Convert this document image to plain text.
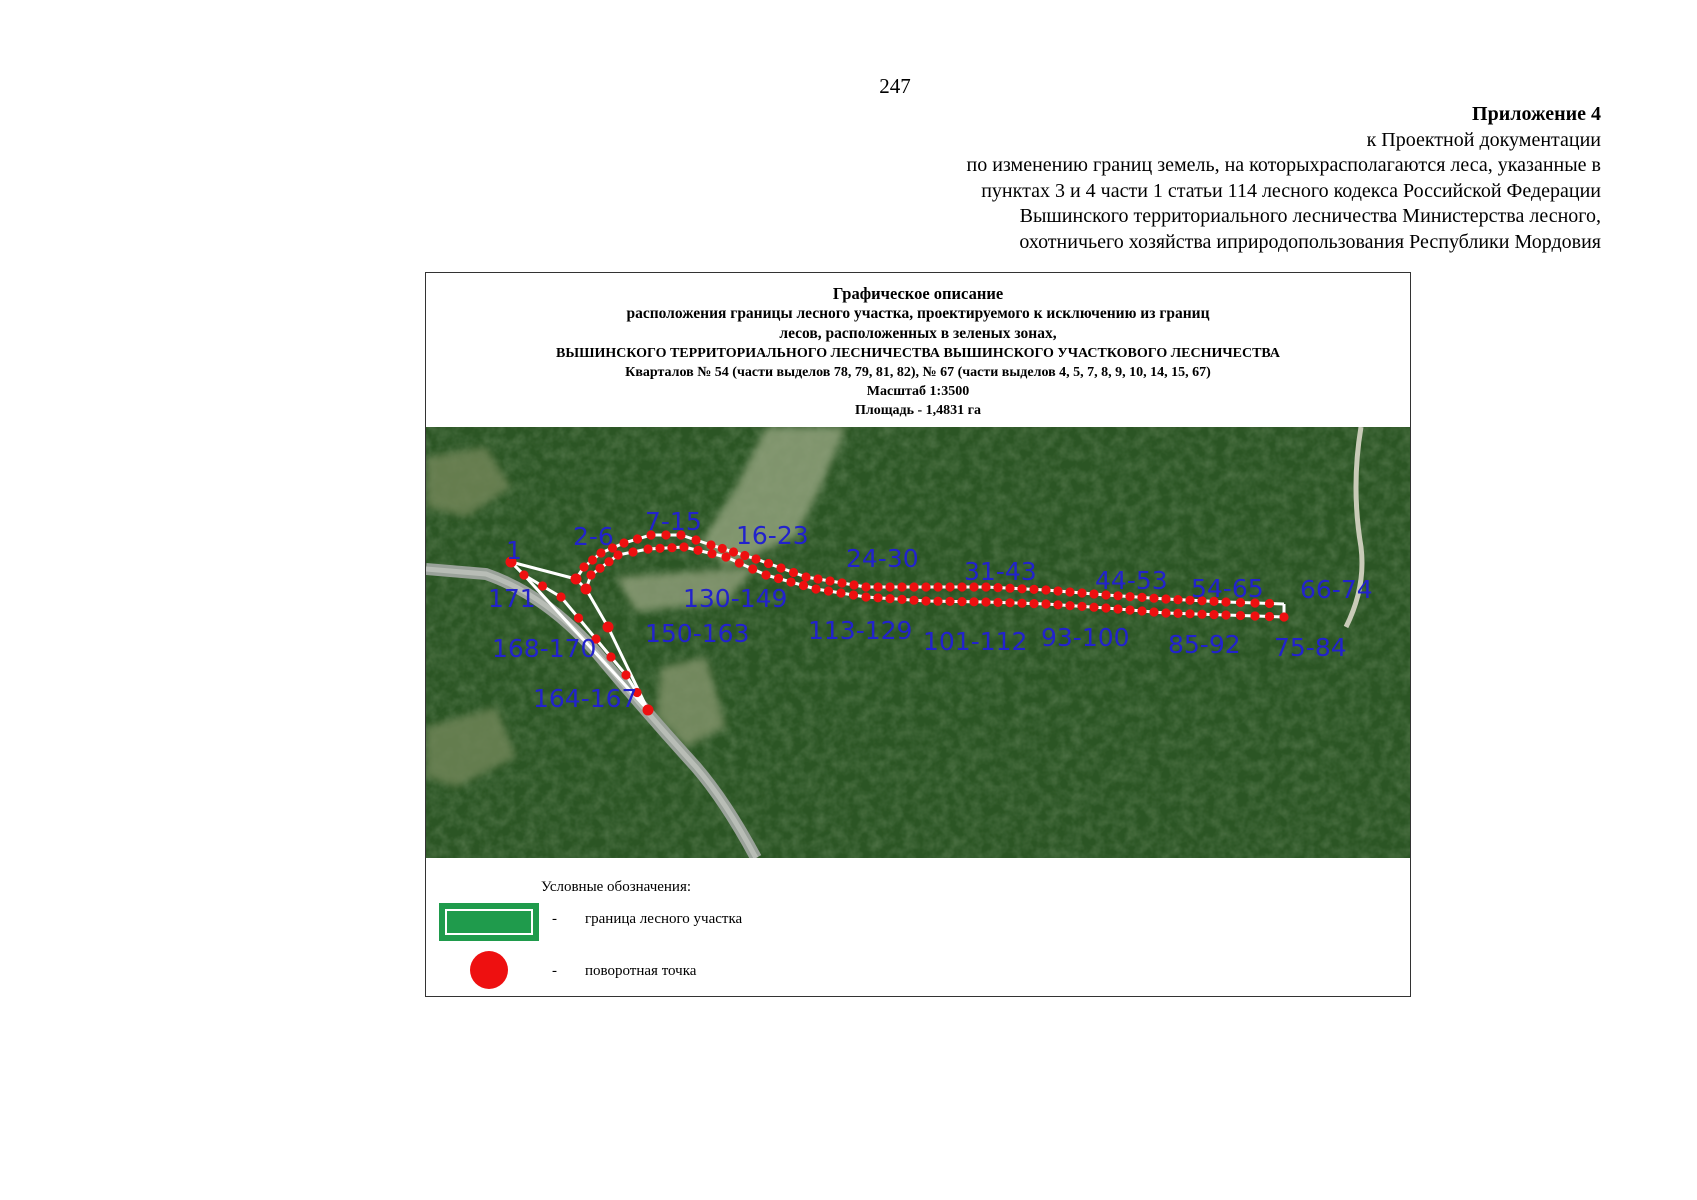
247
Приложение 4
к Проектной документации
по изменению границ земель, на которыхрасполагаются леса, указанные в
пунктах 3 и 4 части 1 статьи 114 лесного кодекса Российской Федерации
Вышинского территориального лесничества Министерства лесного,
охотничьего хозяйства иприродопользования Республики Мордовия
Графическое описание
расположения границы лесного участка, проектируемого к исключению из границ
лесов, расположенных в зеленых зонах,
ВЫШИНСКОГО ТЕРРИТОРИАЛЬНОГО ЛЕСНИЧЕСТВА ВЫШИНСКОГО УЧАСТКОВОГО ЛЕСНИЧЕСТВА
Кварталов № 54 (части выделов 78, 79, 81, 82), № 67 (части выделов 4, 5, 7, 8, 9, 10, 14, 15, 67)
Масштаб 1:3500
Площадь - 1,4831 га
1 2-6
7-15 16-23
24-30 31-43 44-53 54-65 66-74
171	130-149
150-163
168-170
113-129 101-112 93-100 85-92 75-84
164-167
Условные обозначения:
- граница лесного участка
- поворотная точка
